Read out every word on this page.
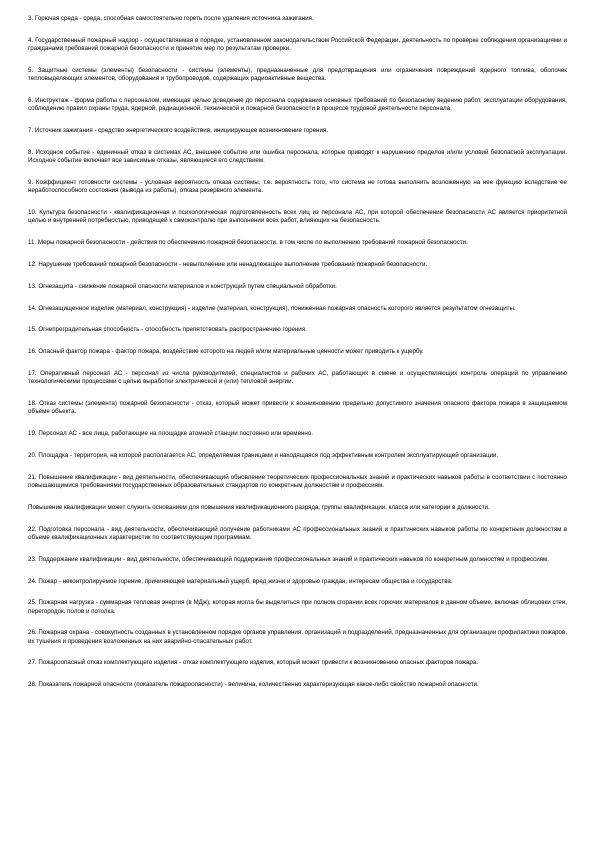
3. Горючая среда - среда, способная самостоятельно гореть после удаления источника зажигания.

4. Государственный пожарный надзор - осуществляемая в порядке, установленном законодательством Российской Федерации, деятельность по проверке соблюдения организациями и гражданами требований пожарной безопасности и принятие мер по результатам проверки.

5. Защитные системы (элементы) безопасности - системы (элементы), предназначенные для предотвращения или ограничения повреждений ядерного топлива, оболочек тепловыделяющих элементов, оборудования и трубопроводов, содержащих радиоактивные вещества.

6. Инструктаж - форма работы с персоналом, имеющая целью доведение до персонала содержания основных требований по безопасному ведению работ, эксплуатации оборудования, соблюдению правил охраны труда, ядерной, радиационной, технической и пожарной безопасности в процессе трудовой деятельности персонала.

7. Источник зажигания - средство энергетического воздействия, инициирующее возникновение горения.

8. Исходное событие - единичный отказ в системах АС, внешнее событие или ошибка персонала, которые приводят к нарушению пределов и/или условий безопасной эксплуатации. Исходное событие включает все зависимые отказы, являющиеся его следствием.

9. Коэффициент готовности системы - условная вероятность отказа системы, т.е. вероятность того, что система не готова выполнить возложенную на нее функцию вследствие ее неработоспособного состояния (вывода из работы), отказа резервного элемента.

10. Культура безопасности - квалификационная и психологическая подготовленность всех лиц из персонала АС, при которой обеспечение безопасности АС является приоритетной целью и внутренней потребностью, приводящей к самоконтролю при выполнении всех работ, влияющих на безопасность.

11. Меры пожарной безопасности - действия по обеспечению пожарной безопасности, в том числе по выполнению требований пожарной безопасности.

12. Нарушение требований пожарной безопасности - невыполнение или ненадлежащее выполнение требований пожарной безопасности.

13. Огнезащита - снижение пожарной опасности материалов и конструкций путем специальной обработки.

14. Огнезащищенное изделие (материал, конструкция) - изделие (материал, конструкция), пониженная пожарная опасность которого является результатом огнезащиты.

15. Огнепреградительная способность - способность препятствовать распространению горения.

16. Опасный фактор пожара - фактор пожара, воздействие которого на людей и/или материальные ценности может приводить к ущербу.

17. Оперативный персонал АС - персонал из числа руководителей, специалистов и рабочих АС, работающих в смене и осуществляющих контроль операций по управлению технологическими процессами с целью выработки электрической и (или) тепловой энергии.

18. Отказ системы (элемента) пожарной безопасности - отказ, который может привести к возникновению предельно допустимого значения опасного фактора пожара в защищаемом объеме объекта.

19. Персонал АС - все лица, работающие на площадке атомной станции постоянно или временно.

20. Площадка - территория, на которой располагается АС, определяемая границами и находящаяся под эффективным контролем эксплуатирующей организации.

21. Повышение квалификации - вид деятельности, обеспечивающий обновление теоретических профессиональных знаний и практических навыков работы в соответствии с постоянно повышающимися требованиями государственных образовательных стандартов по конкретным должностям и профессиям.

Повышение квалификации может служить основанием для повышения квалификационного разряда, группы квалификации, класса или категории в должности.

22. Подготовка персонала - вид деятельности, обеспечивающий получение работниками АС профессиональных знаний и практических навыков работы по конкретным должностям в объеме квалификационных характеристик по соответствующим программам.

23. Поддержание квалификации - вид деятельности, обеспечивающий поддержание профессиональных знаний и практических навыков по конкретным должностям и профессиям.

24. Пожар - неконтролируемое горение, причиняющее материальный ущерб, вред жизни и здоровью граждан, интересам общества и государства.

25. Пожарная нагрузка - суммарная тепловая энергия (в МДж), которая могла бы выделиться при полном сгорании всех горючих материалов в данном объеме, включая облицовки стен, перегородок, полов и потолка.

26. Пожарная охрана - совокупность созданных в установленном порядке органов управления, организаций и подразделений, предназначенных для организации профилактики пожаров, их тушения и проведения возложенных на них аварийно-спасательных работ.

27. Пожароопасный отказ комплектующего изделия - отказ комплектующего изделия, который может привести к возникновению опасных факторов пожара.

28. Показатель пожарной опасности (показатель пожароопасности) - величина, количественно характеризующая какое-либо свойство пожарной опасности.
